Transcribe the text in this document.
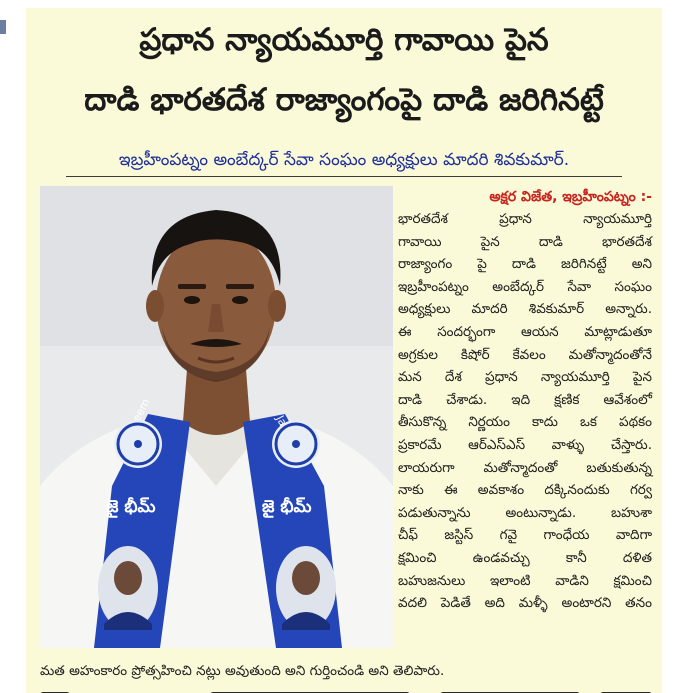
ప్రధాన న్యాయమూర్తి గావాయి పైన
దాడి భారతదేశ రాజ్యాంగంపై దాడి జరిగినట్టే
ఇబ్రహీంపట్నం అంబేద్కర్ సేవా సంఘం అధ్యక్షులు మాదరి శివకుమార్.
జై భీమ్	జై భీమ్
అక్షర విజేత, ఇబ్రహీంపట్నం :-
భారతదేశ ప్రధాన న్యాయమూర్తి
గావాయి పైన దాడి భారతదేశ
రాజ్యాంగం పై దాడి జరిగినట్టే అని
ఇబ్రహీంపట్నం అంబేద్కర్ సేవా సంఘం
అధ్యక్షులు మాదరి శివకుమార్ అన్నారు.
ఈ సందర్భంగా ఆయన మాట్లాడుతూ
అగ్రకుల కిషోర్ కేవలం మతోన్మాదంతోనే
మన దేశ ప్రధాన న్యాయమూర్తి పైన
దాడి చేశాడు. ఇది క్షణిక ఆవేశంలో
తీసుకొన్న నిర్ణయం కాదు ఒక పథకం
ప్రకారమే ఆర్ఎస్ఎస్ వాళ్ళు చేస్తారు.
లాయరుగా మతోన్మాదంతో బతుకుతున్న
నాకు ఈ అవకాశం దక్కినందుకు గర్వ
పడుతున్నాను అంటున్నాడు. బహుశా
చీఫ్ జస్టిస్ గవై గాంధేయ వాదిగా
క్షమించి ఉండవచ్చు కానీ దళిత
బహుజనులు ఇలాంటి వాడిని క్షమించి
వదలి పెడితే అది మళ్ళీ అంటారని తనం
మత అహంకారం ప్రోత్సహించి నట్లు అవుతుంది అని గుర్తించండి అని తెలిపారు.
